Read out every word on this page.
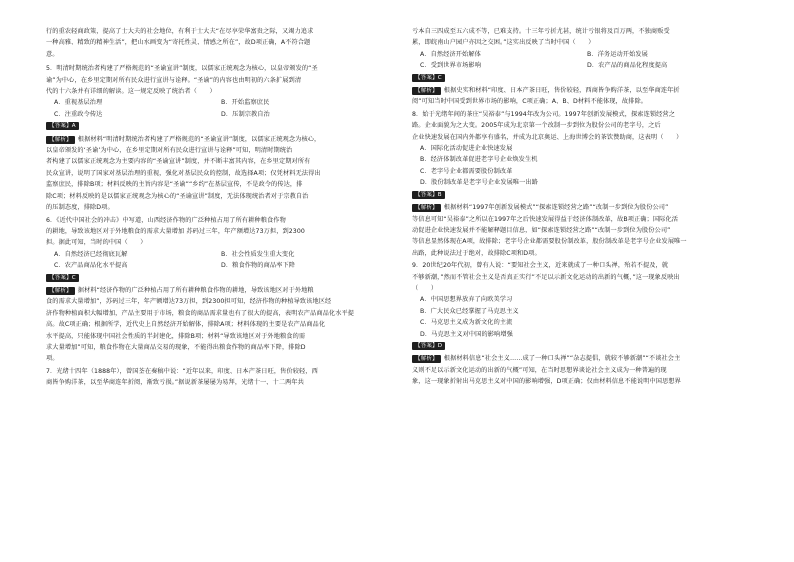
行的重农轻商政策，提高了士大夫的社会地位，有利于士大夫“在尽享荣华富贵之际，又竭力追求

一种高雅、精致的精神生活”，把山水画变为“寄托性灵、情感之所在”，故D项正确，A不符合题

意。

5．明清时期统治者构建了严格规范的“圣谕宣讲”制度，以儒家正统观念为核心，以皇帝颁发的“圣

谕”为中心，在乡里定期对所有民众进行宣讲与诠释。“圣谕”的内容也由明初的六条扩展到清

代的十六条并有详细的解读。这一规定反映了统治者（　　）

A．重视基层治理	B．开始监察庶民
C．注重政令传达	D．压制宗教自治
【答案】A

【解析】 根据材料“明清时期统治者构建了严格规范的“圣谕宣讲”制度，以儒家正统观念为核心，

以皇帝颁发的‘圣谕’为中心，在乡里定期对所有民众进行宣讲与诠释”可知，明清时期统治

者构建了以儒家正统观念为主要内容的“圣谕宣讲”制度，并不断丰富其内容，在乡里定期对所有

民众宣讲，说明了国家对基层治理的重视，强化对基层民众的控制，故选择A项；仅凭材料无法得出

监察庶民，排除B项；材料反映的主旨内容是“圣谕”“乡约”在基层宣传，不是政令的传达，排

除C项；材料反映的是以儒家正统观念为核心的“圣谕宣讲”制度，无法体现统治者对于宗教自治

的压制态度，排除D项。

6．《近代中国社会的冲击》中写道，山西经济作物的广泛种植占用了所有耕种粮食作物

的耕地，导致该地区对于外地粮食的需求大量增加 苏码过三年，年产额增达73万担，到2300

担。据此可知，当时的中国（　　）

A．自然经济已经彻底瓦解	B．社会性质发生重大变化
C．农产品商品化水平提高	D．粮食作物的商品率下降
【答案】C

【解析】 据材料“经济作物的广泛种植占用了所有耕种粮食作物的耕地，导致该地区对于外地粮

食的需求大量增加”，苏码过三年，年产额增达73万担，到2300担可知，经济作物的种植导致该地区经

济作物种植面积大幅增加，产品主要用于市场，粮食的商品需求量也有了很大的提高，表明农产品商品化水平提

高。故C项正确；根据所学，近代史上自然经济开始解体，排除A项；材料体现的主要是农产品商品化

水平提高，只能体现中国社会性质的半封建化，排除B项；材料“导致该地区对于外地粮食的需

求大量增加”可知，粮食作物在大量商品交易的现象，不能得出粮食作物的商品率下降，排除D

项。

7．光绪十四年（1888年），曾国荃在奏稿中说：“近年以来，印度、日本产茶日旺，售价较轻，西

商皆争购洋茶，以至华商连年折阅，渐致亏损。”据说新茶屡屡为易拜，光绪十一、十二两年共

亏本自三四成至五六成不等，已难支持。十三年亏折尤甚，统计亏银将及百万两，不独商贩受

累，即皖南山户园户亦因之交困。”这实出反映了当时中国（　　）

A．自然经济开始解体	B．洋务运动开始发展
C．受到世界市场影响	D．农产品的商品化程度提高
【答案】C

【解析】 根据史实和材料“印度、日本产茶日旺，售价较轻，西商皆争购洋茶，以至华商连年折

阅”可知当时中国受到世界市场的影响，C项正确；A、B、D材料不能体现，故排除。

8．始于光绪年间的茶庄“吴裕泰”与1994年改为公司。1997年创新发展模式，探索连锁经营之

路。企业面貌为之大变。2005年成为北京第一个改制一步到位为股份公司的老字号，之后

企业快速发展在国内外都享有盛名，并成为北京奥运、上海世博会的茶饮赞助商，这表明（　　）

A．国际化活动促进企业快速发展
B．经济体制改革促进老字号企业焕发生机
C．老字号企业都需要股份制改革
D．股份制改革是老字号企业发展唯一出路
【答案】B

【解析】 根据材料“1997年创新发展模式”“探索连锁经营之路”“改制一步到位为股份公司”

等信息可知“吴裕泰”之所以在1997年之后快速发展得益于经济体制改革，故B项正确；国际化活

动促进企业快速发展并不能解释题目信息，如“探索连锁经营之路”“改制一步到位为股份公司”

等信息显然体现在A项，故排除；老字号企业都需要股份制改革，股份制改革是老字号企业发展唯一

出路，此种说法过于绝对，故排除C项和D项。

9．20世纪20年代初，曾有人说：“要知社会主义，近来就成了一种口头禅，殆若不提及，就

不够新潮，”然而不管社会主义是否真正实行”不足以示新文化运动的出新的气概，”这一现象反映出

（　　）

A．中国思想界放弃了向欧美学习
B．广大民众已经掌握了马克思主义
C．马克思主义成为新文化的主流
D．马克思主义对中国的影响增强
【答案】D

【解析】 根据材料信息“社会主义……成了一种口头禅”“杂志提倡，就较不够新潮”“不谈社会主

义则不足以示新文化运动的出新的气概”可知，在当时思想界谈论社会主义成为一种普遍的现

象，这一现象折射出马克思主义对中国的影响增强，D项正确；仅由材料信息不能说明中国思想界
